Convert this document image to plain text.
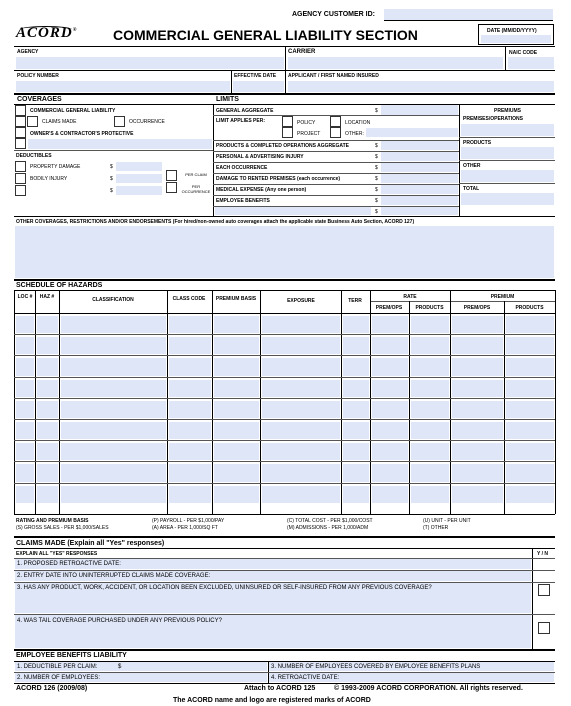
AGENCY CUSTOMER ID:
ACORD®	COMMERCIAL GENERAL LIABILITY SECTION	DATE (MM/DD/YYYY)
AGENCY	CARRIER	NAIC CODE
POLICY NUMBER	EFFECTIVE DATE APPLICANT / FIRST NAMED INSURED
COVERAGES	LIMITS
COMMERCIAL GENERAL LIABILITY
CLAIMS MADE	OCCURRENCE
OWNER'S & CONTRACTOR'S PROTECTIVE
DEDUCTIBLES
PROPERTY DAMAGE	$
BODILY INJURY	$
$
PER CLAIM
PER OCCURRENCE
GENERAL AGGREGATE	$
LIMIT APPLIES PER:	POLICY	LOCATION
PROJECT	OTHER:
PRODUCTS & COMPLETED OPERATIONS AGGREGATE	$
PERSONAL & ADVERTISING INJURY	$
EACH OCCURRENCE	$
DAMAGE TO RENTED PREMISES (each occurrence)	$
MEDICAL EXPENSE (Any one person)	$
EMPLOYEE BENEFITS	$
$
PREMIUMS
PREMISES/OPERATIONS
PRODUCTS
OTHER
TOTAL
OTHER COVERAGES, RESTRICTIONS AND/OR ENDORSEMENTS (For hired/non-owned auto coverages attach the applicable state Business Auto Section, ACORD 127)
SCHEDULE OF HAZARDS
LOC #	HAZ #	CLASSIFICATION	CLASS CODE	PREMIUM BASIS	EXPOSURE	TERR
RATE	PREMIUM
PREM/OPS	PRODUCTS	PREM/OPS	PRODUCTS
RATING AND PREMIUM BASIS
(S) GROSS SALES - PER $1,000/SALES
(P) PAYROLL - PER $1,000/PAY
(A) AREA - PER 1,000/SQ FT
(C) TOTAL COST - PER $1,000/COST
(M) ADMISSIONS - PER 1,000/ADM
(U) UNIT - PER UNIT
(T) OTHER
CLAIMS MADE (Explain all "Yes" responses)
EXPLAIN ALL "YES" RESPONSES	Y / N
1. PROPOSED RETROACTIVE DATE:
2. ENTRY DATE INTO UNINTERRUPTED CLAIMS MADE COVERAGE:
3. HAS ANY PRODUCT, WORK, ACCIDENT, OR LOCATION BEEN EXCLUDED, UNINSURED OR SELF-INSURED FROM ANY PREVIOUS COVERAGE?
4. WAS TAIL COVERAGE PURCHASED UNDER ANY PREVIOUS POLICY?
EMPLOYEE BENEFITS LIABILITY
1. DEDUCTIBLE PER CLAIM:	$	3. NUMBER OF EMPLOYEES COVERED BY EMPLOYEE BENEFITS PLANS
2. NUMBER OF EMPLOYEES:	4. RETROACTIVE DATE:
ACORD 126 (2009/08)	Attach to ACORD 125	© 1993-2009 ACORD CORPORATION. All rights reserved.
The ACORD name and logo are registered marks of ACORD
